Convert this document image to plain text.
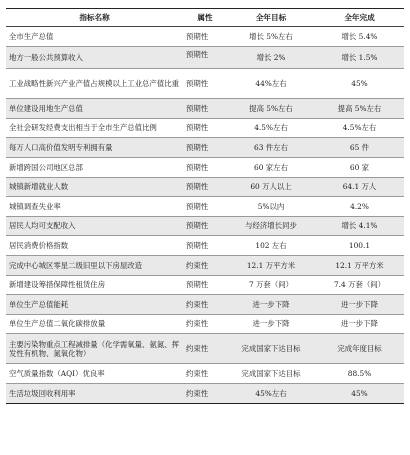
指标名称	属性	全年目标	全年完成
全市生产总值	预期性	增长 5%左右	增长 5.4%
地方一般公共预算收入	预期性	增长 2%	增长 1.5%
工业战略性新兴产业产值占规模以上工业总产值比重	预期性	44%左右	45%
单位建设用地生产总值	预期性	提高 5%左右	提高 5%左右
全社会研发经费支出相当于全市生产总值比例	预期性	4.5%左右	4.5%左右
每万人口高价值发明专利拥有量	预期性	63 件左右	65 件
新增跨国公司地区总部	预期性	60 家左右	60 家
城镇新增就业人数	预期性	60 万人以上	64.1 万人
城镇调查失业率	预期性	5%以内	4.2%
居民人均可支配收入	预期性	与经济增长同步	增长 4.1%
居民消费价格指数	预期性	102 左右	100.1
完成中心城区零星二级旧里以下房屋改造	约束性	12.1 万平方米	12.1 万平方米
新增建设筹措保障性租赁住房	预期性	7 万套（间）	7.4 万套（间）
单位生产总值能耗	约束性	进一步下降	进一步下降
单位生产总值二氧化碳排放量	约束性	进一步下降	进一步下降
主要污染物重点工程减排量（化学需氧量、氨氮、挥发性有机物、氮氧化物）	约束性	完成国家下达目标	完成年度目标
空气质量指数（AQI）优良率	约束性	完成国家下达目标	88.5%
生活垃圾回收利用率	约束性	45%左右	45%
